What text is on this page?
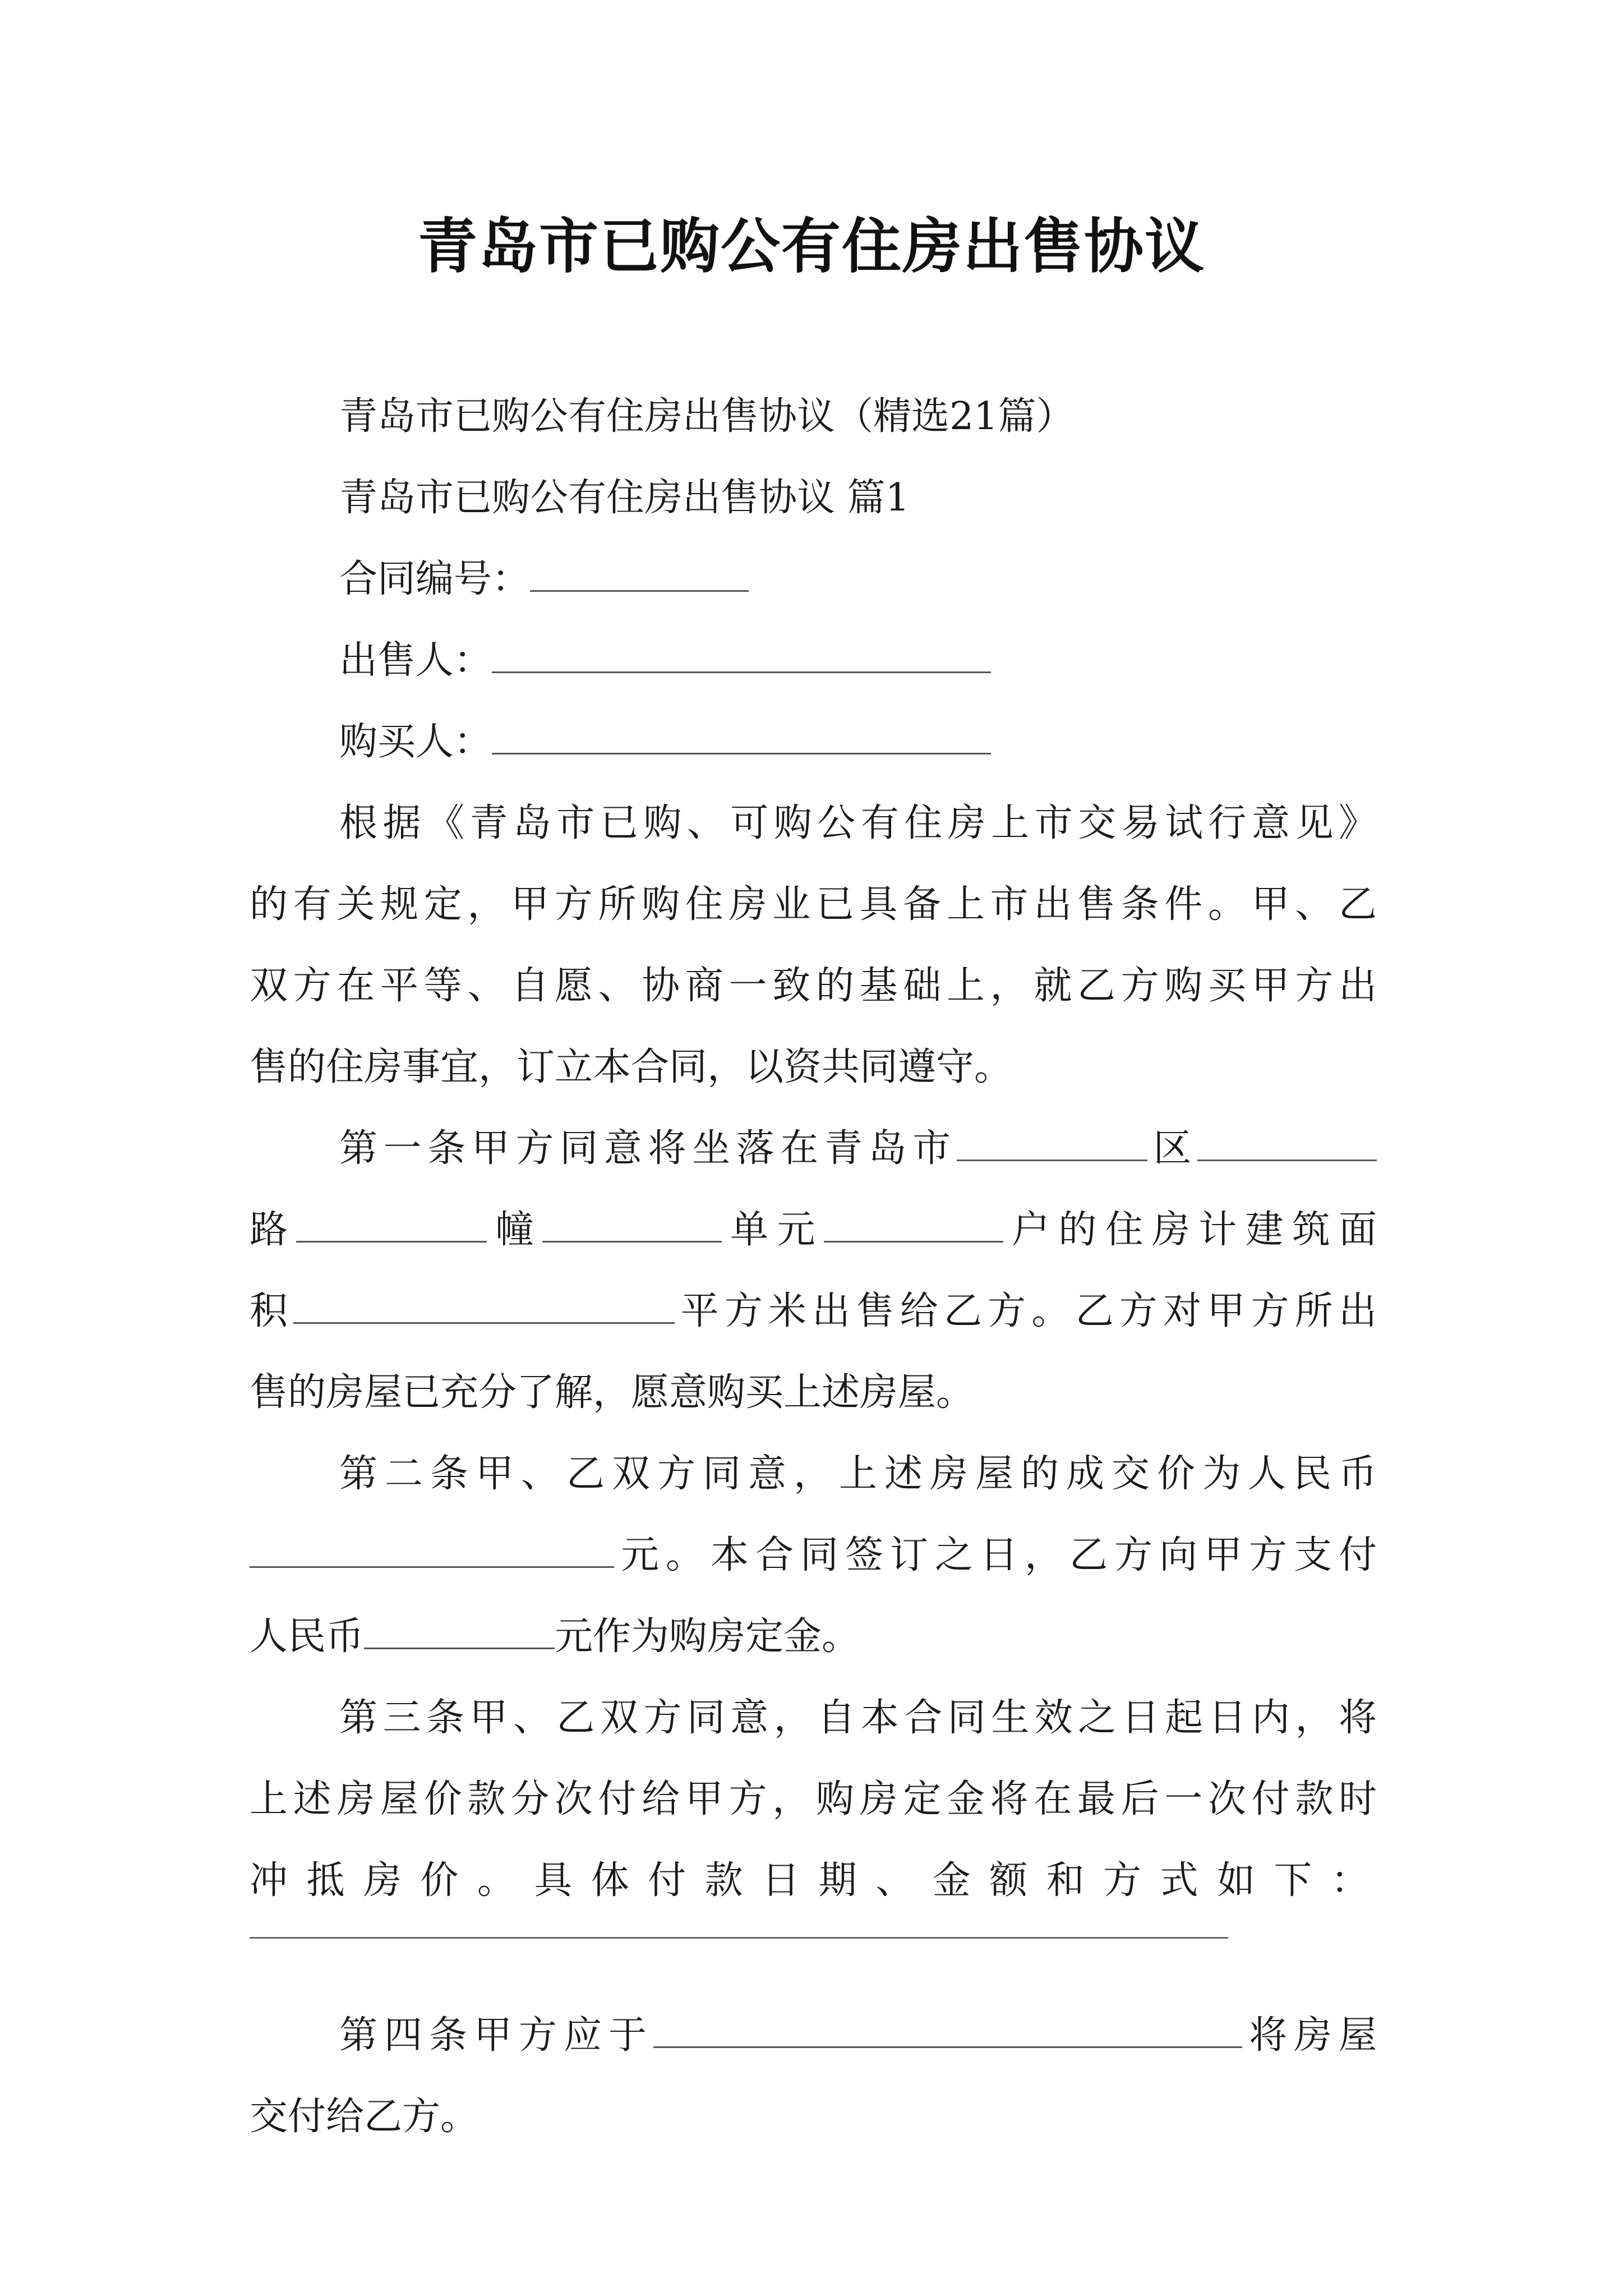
青岛市已购公有住房出售协议

青岛市已购公有住房出售协议（精选21篇）

青岛市已购公有住房出售协议 篇1

合同编号：

出售人：

购买人：

根据《青岛市已购、可购公有住房上市交易试行意见》

的有关规定，甲方所购住房业已具备上市出售条件。甲、乙

双方在平等、自愿、协商一致的基础上，就乙方购买甲方出

售的住房事宜，订立本合同，以资共同遵守。

第一条甲方同意将坐落在青岛市	区

路	幢	单元	户的住房计建筑面

积	平方米出售给乙方。乙方对甲方所出

售的房屋已充分了解，愿意购买上述房屋。

第二条甲、乙双方同意，上述房屋的成交价为人民币

元。本合同签订之日，乙方向甲方支付

人民币	元作为购房定金。

第三条甲、乙双方同意，自本合同生效之日起日内，将

上述房屋价款分次付给甲方，购房定金将在最后一次付款时

冲抵房价。具体付款日期、金额和方式如下：

第四条甲方应于	将房屋

交付给乙方。
